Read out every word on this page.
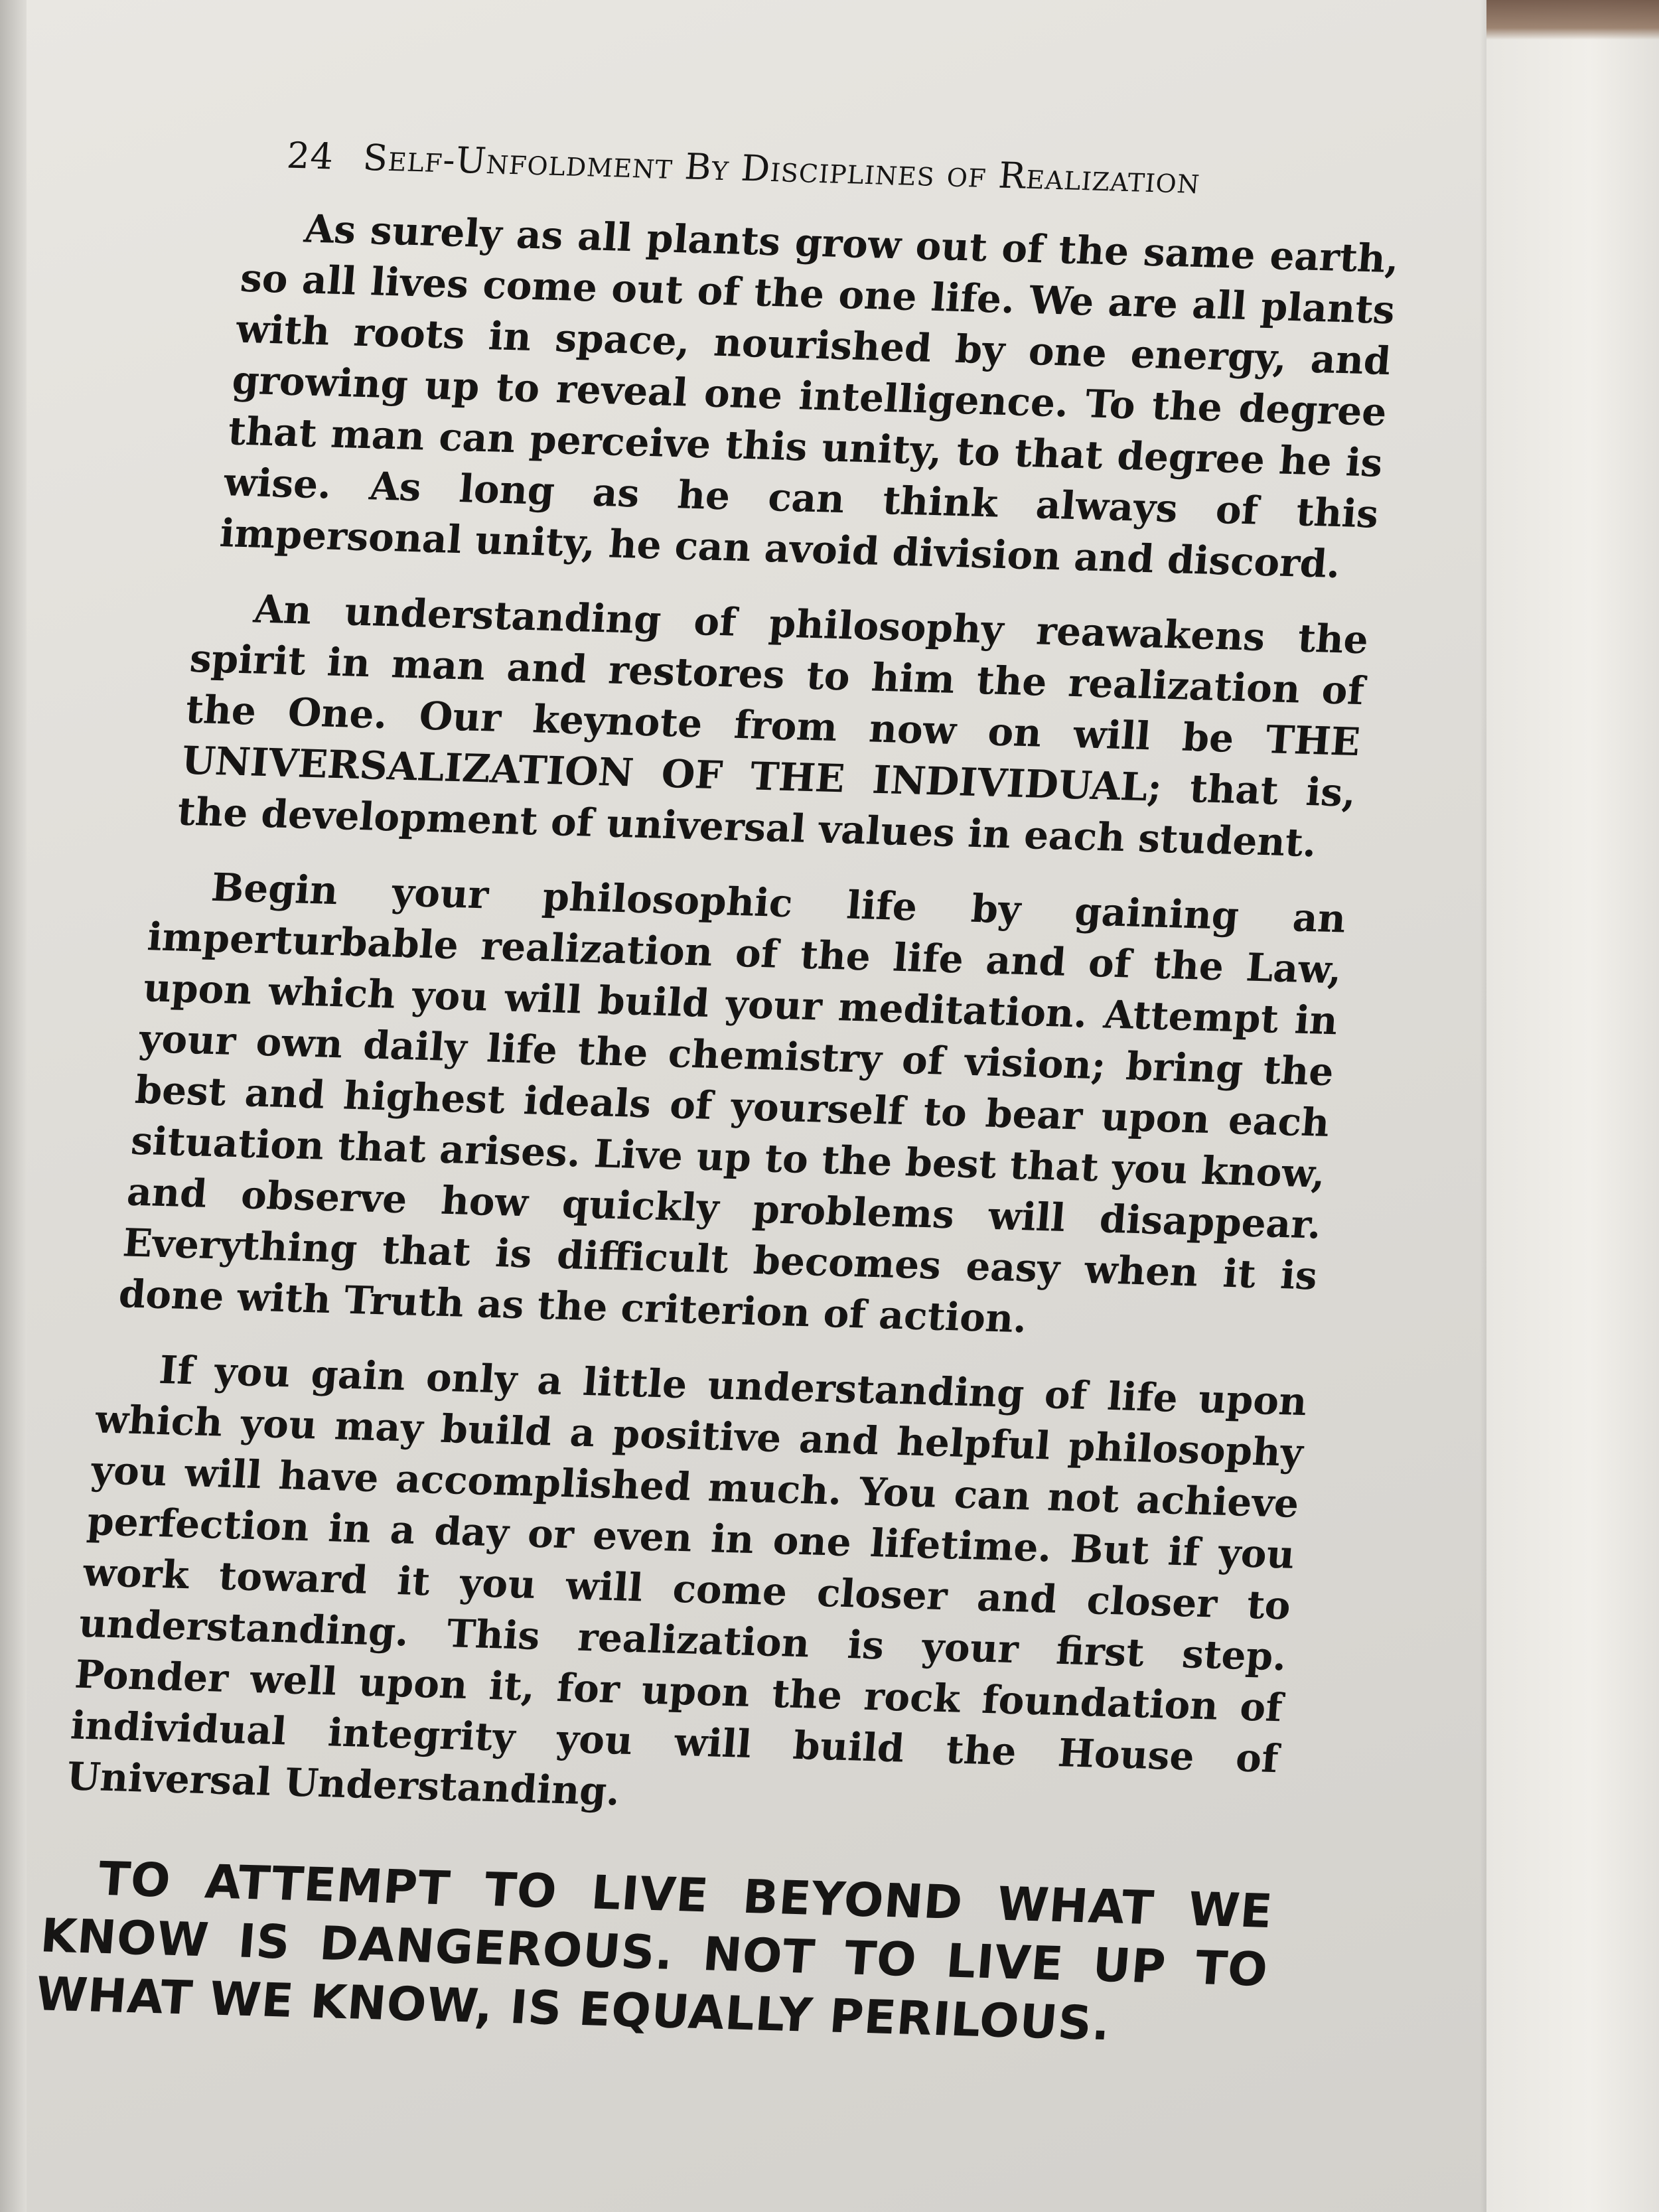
24 Self-Unfoldment By Disciplines of Realization

As surely as all plants grow out of the same earth, so all lives come out of the one life. We are all plants with roots in space, nourished by one energy, and growing up to reveal one intelligence. To the degree that man can perceive this unity, to that degree he is wise. As long as he can think always of this impersonal unity, he can avoid division and discord.

An understanding of philosophy reawakens the spirit in man and restores to him the realization of the One. Our keynote from now on will be THE UNIVERSALIZATION OF THE INDIVIDUAL; that is, the development of universal values in each student.

Begin your philosophic life by gaining an imperturbable realization of the life and of the Law, upon which you will build your meditation. Attempt in your own daily life the chemistry of vision; bring the best and highest ideals of yourself to bear upon each situation that arises. Live up to the best that you know, and observe how quickly problems will disappear. Everything that is difficult becomes easy when it is done with Truth as the criterion of action.

If you gain only a little understanding of life upon which you may build a positive and helpful philosophy you will have accomplished much. You can not achieve perfection in a day or even in one lifetime. But if you work toward it you will come closer and closer to understanding. This realization is your first step. Ponder well upon it, for upon the rock foundation of individual integrity you will build the House of Universal Understanding.

TO ATTEMPT TO LIVE BEYOND WHAT WE KNOW IS DANGEROUS. NOT TO LIVE UP TO WHAT WE KNOW, IS EQUALLY PERILOUS.
